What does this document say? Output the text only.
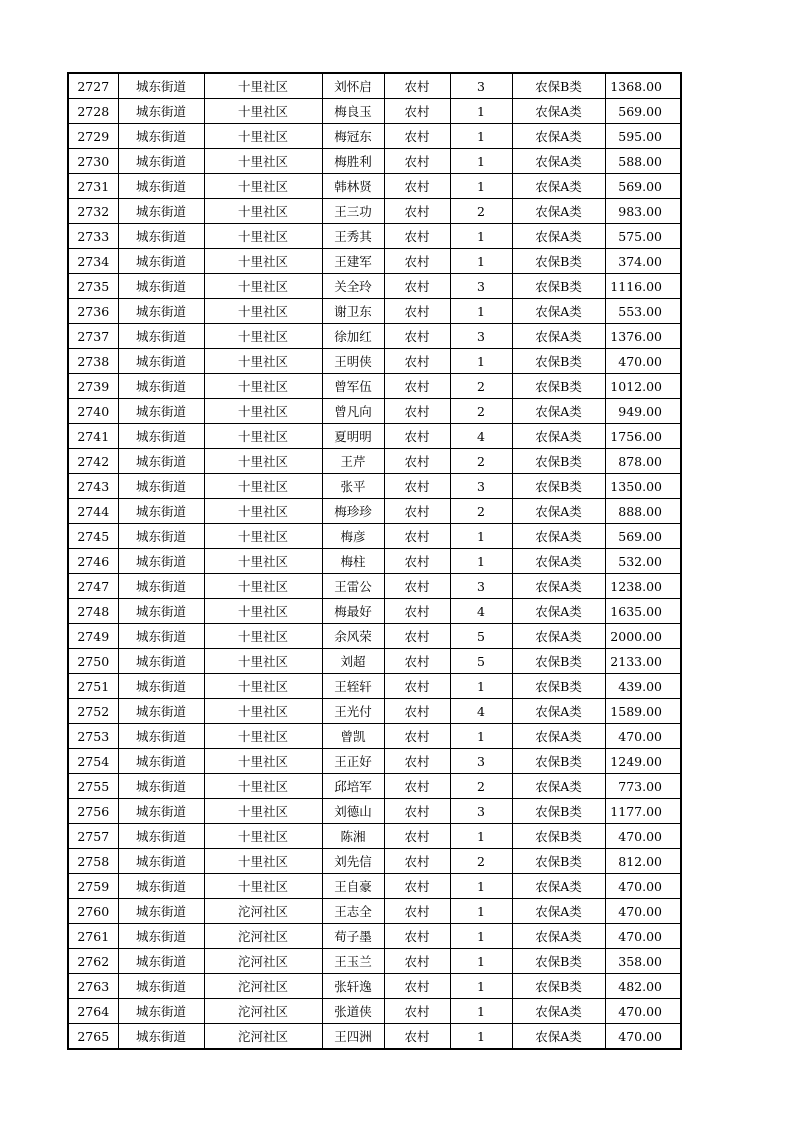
2727	城东街道	十里社区	刘怀启	农村	3	农保B类	1368.00
2728	城东街道	十里社区	梅良玉	农村	1	农保A类	569.00
2729	城东街道	十里社区	梅冠东	农村	1	农保A类	595.00
2730	城东街道	十里社区	梅胜利	农村	1	农保A类	588.00
2731	城东街道	十里社区	韩林贤	农村	1	农保A类	569.00
2732	城东街道	十里社区	王三功	农村	2	农保A类	983.00
2733	城东街道	十里社区	王秀其	农村	1	农保A类	575.00
2734	城东街道	十里社区	王建军	农村	1	农保B类	374.00
2735	城东街道	十里社区	关全玲	农村	3	农保B类	1116.00
2736	城东街道	十里社区	谢卫东	农村	1	农保A类	553.00
2737	城东街道	十里社区	徐加红	农村	3	农保A类	1376.00
2738	城东街道	十里社区	王明侠	农村	1	农保B类	470.00
2739	城东街道	十里社区	曾军伍	农村	2	农保B类	1012.00
2740	城东街道	十里社区	曾凡向	农村	2	农保A类	949.00
2741	城东街道	十里社区	夏明明	农村	4	农保A类	1756.00
2742	城东街道	十里社区	王芹	农村	2	农保B类	878.00
2743	城东街道	十里社区	张平	农村	3	农保B类	1350.00
2744	城东街道	十里社区	梅珍珍	农村	2	农保A类	888.00
2745	城东街道	十里社区	梅彦	农村	1	农保A类	569.00
2746	城东街道	十里社区	梅柱	农村	1	农保A类	532.00
2747	城东街道	十里社区	王雷公	农村	3	农保A类	1238.00
2748	城东街道	十里社区	梅最好	农村	4	农保A类	1635.00
2749	城东街道	十里社区	余风荣	农村	5	农保A类	2000.00
2750	城东街道	十里社区	刘超	农村	5	农保B类	2133.00
2751	城东街道	十里社区	王轾轩	农村	1	农保B类	439.00
2752	城东街道	十里社区	王光付	农村	4	农保A类	1589.00
2753	城东街道	十里社区	曾凯	农村	1	农保A类	470.00
2754	城东街道	十里社区	王正好	农村	3	农保B类	1249.00
2755	城东街道	十里社区	邱培军	农村	2	农保A类	773.00
2756	城东街道	十里社区	刘德山	农村	3	农保B类	1177.00
2757	城东街道	十里社区	陈湘	农村	1	农保B类	470.00
2758	城东街道	十里社区	刘先信	农村	2	农保B类	812.00
2759	城东街道	十里社区	王自豪	农村	1	农保A类	470.00
2760	城东街道	沱河社区	王志全	农村	1	农保A类	470.00
2761	城东街道	沱河社区	荀子墨	农村	1	农保A类	470.00
2762	城东街道	沱河社区	王玉兰	农村	1	农保B类	358.00
2763	城东街道	沱河社区	张轩逸	农村	1	农保B类	482.00
2764	城东街道	沱河社区	张道侠	农村	1	农保A类	470.00
2765	城东街道	沱河社区	王四洲	农村	1	农保A类	470.00
